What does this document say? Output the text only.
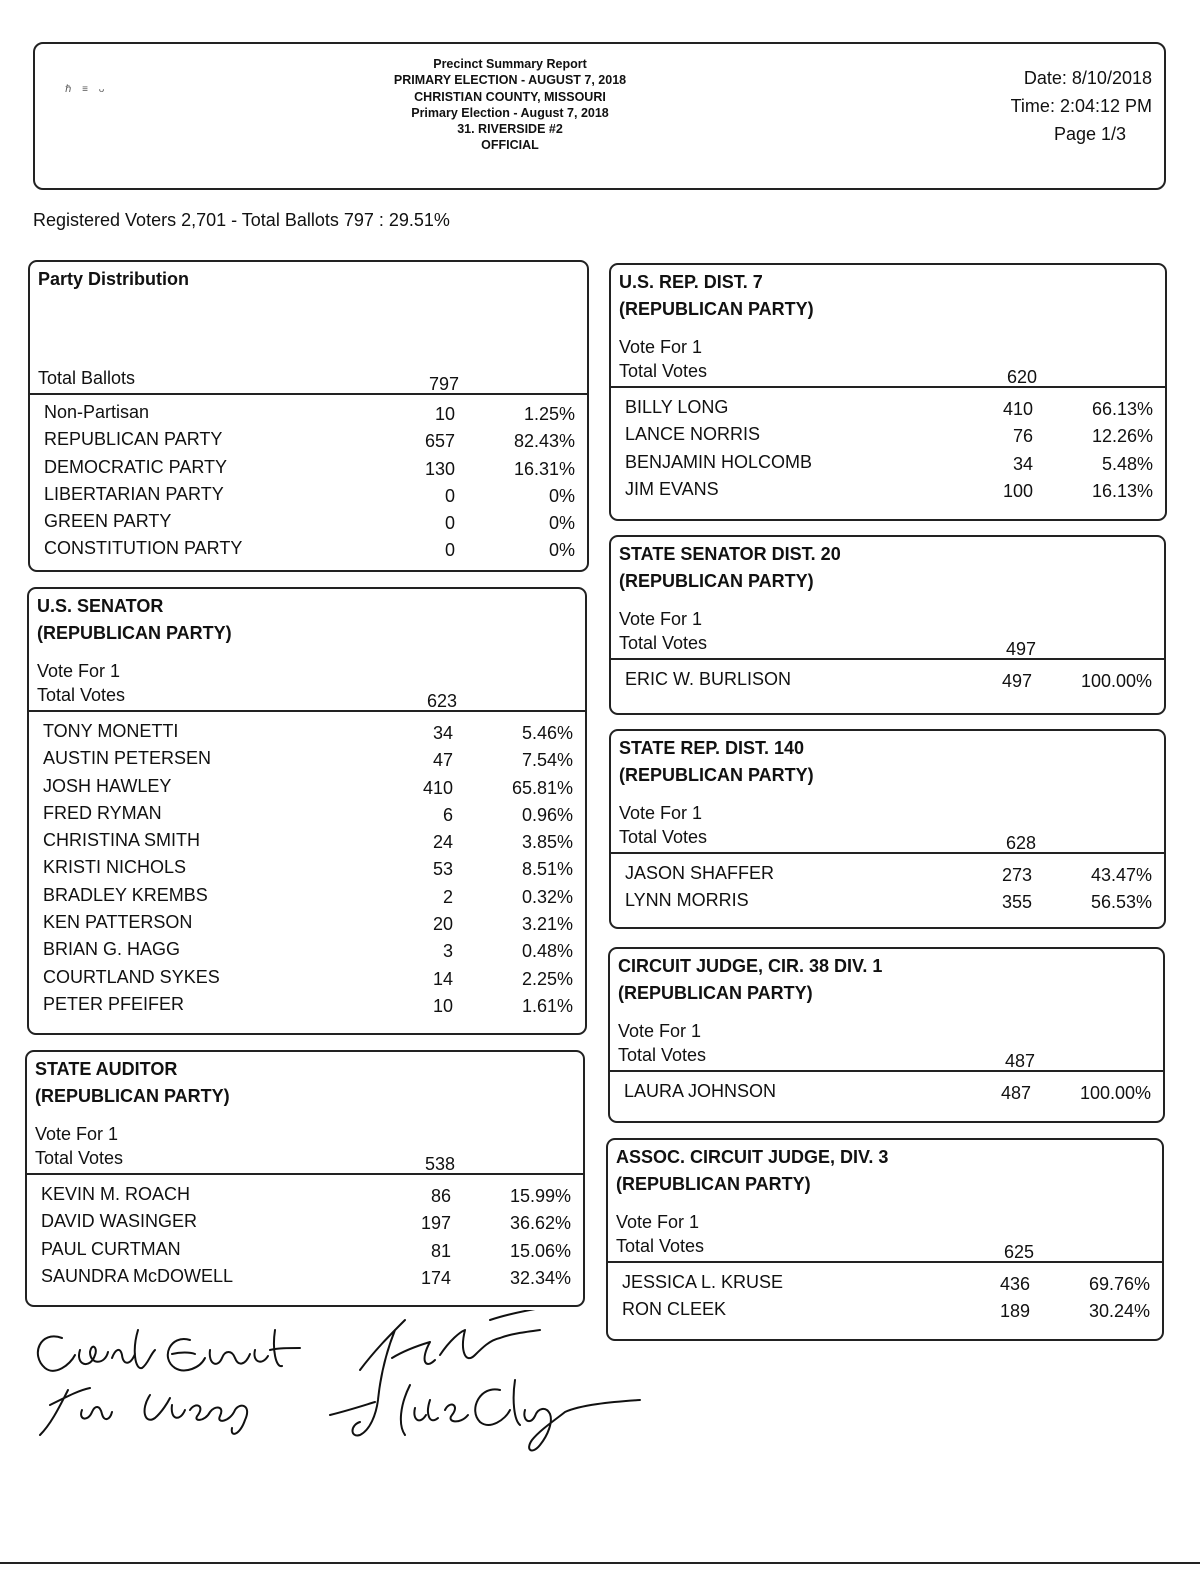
ℏ ≡ ᴗ
Precinct Summary Report
PRIMARY ELECTION - AUGUST 7, 2018
CHRISTIAN COUNTY, MISSOURI
Primary Election - August 7, 2018
31. RIVERSIDE #2
OFFICIAL
Date: 8/10/2018
Time: 2:04:12 PM
Page 1/3
Registered Voters 2,701 - Total Ballots 797 : 29.51%
Party Distribution
Total Ballots	797
Non-Partisan	10	1.25%
REPUBLICAN PARTY	657	82.43%
DEMOCRATIC PARTY	130	16.31%
LIBERTARIAN PARTY	0	0%
GREEN PARTY	0	0%
CONSTITUTION PARTY	0	0%
U.S. SENATOR
(REPUBLICAN PARTY)
Vote For 1
Total Votes	623
TONY MONETTI	34	5.46%
AUSTIN PETERSEN	47	7.54%
JOSH HAWLEY	410	65.81%
FRED RYMAN	6	0.96%
CHRISTINA SMITH	24	3.85%
KRISTI NICHOLS	53	8.51%
BRADLEY KREMBS	2	0.32%
KEN PATTERSON	20	3.21%
BRIAN G. HAGG	3	0.48%
COURTLAND SYKES	14	2.25%
PETER PFEIFER	10	1.61%
STATE AUDITOR
(REPUBLICAN PARTY)
Vote For 1
Total Votes	538
KEVIN M. ROACH	86	15.99%
DAVID WASINGER	197	36.62%
PAUL CURTMAN	81	15.06%
SAUNDRA McDOWELL	174	32.34%
U.S. REP. DIST. 7
(REPUBLICAN PARTY)
Vote For 1
Total Votes	620
BILLY LONG	410	66.13%
LANCE NORRIS	76	12.26%
BENJAMIN HOLCOMB	34	5.48%
JIM EVANS	100	16.13%
STATE SENATOR DIST. 20
(REPUBLICAN PARTY)
Vote For 1
Total Votes	497
ERIC W. BURLISON	497	100.00%
STATE REP. DIST. 140
(REPUBLICAN PARTY)
Vote For 1
Total Votes	628
JASON SHAFFER	273	43.47%
LYNN MORRIS	355	56.53%
CIRCUIT JUDGE, CIR. 38 DIV. 1
(REPUBLICAN PARTY)
Vote For 1
Total Votes	487
LAURA JOHNSON	487	100.00%
ASSOC. CIRCUIT JUDGE, DIV. 3
(REPUBLICAN PARTY)
Vote For 1
Total Votes	625
JESSICA L. KRUSE	436	69.76%
RON CLEEK	189	30.24%
